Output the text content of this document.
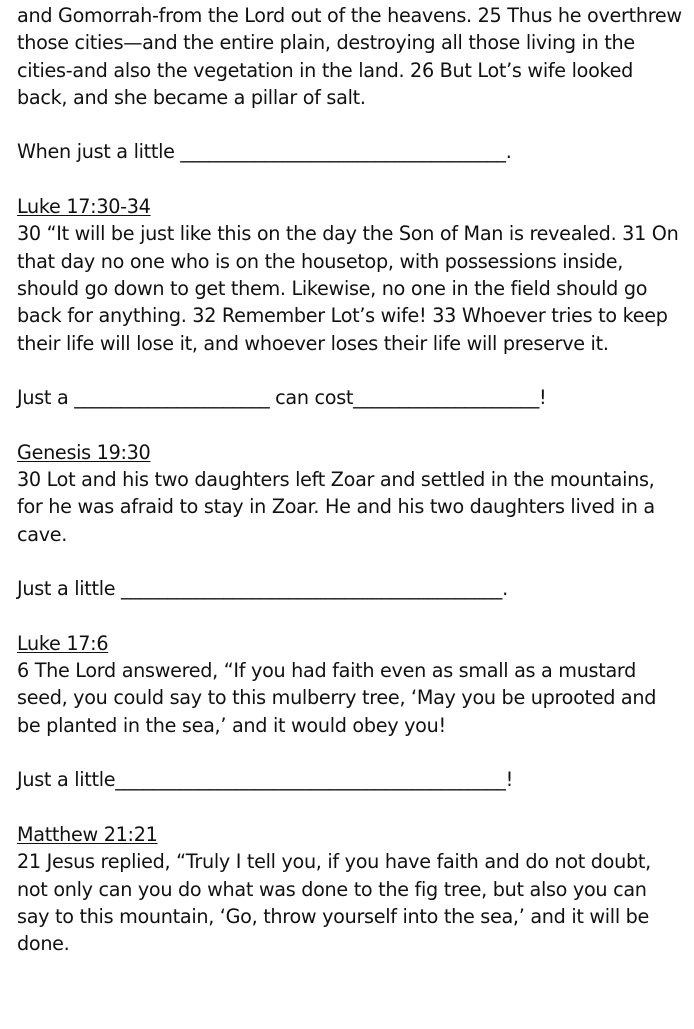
and Gomorrah-from the Lord out of the heavens. 25 Thus he overthrew those cities—and the entire plain, destroying all those living in the cities-and also the vegetation in the land. 26 But Lot’s wife looked back, and she became a pillar of salt.

When just a little ___________________________________.

Luke 17:30-34

30 “It will be just like this on the day the Son of Man is revealed. 31 On that day no one who is on the housetop, with possessions inside, should go down to get them. Likewise, no one in the field should go back for anything. 32 Remember Lot’s wife! 33 Whoever tries to keep their life will lose it, and whoever loses their life will preserve it.

Just a _____________________ can cost____________________!

Genesis 19:30

30 Lot and his two daughters left Zoar and settled in the mountains, for he was afraid to stay in Zoar. He and his two daughters lived in a cave.

Just a little _________________________________________.

Luke 17:6

6 The Lord answered, “If you had faith even as small as a mustard seed, you could say to this mulberry tree, ‘May you be uprooted and be planted in the sea,’ and it would obey you!

Just a little__________________________________________!

Matthew 21:21

21 Jesus replied, “Truly I tell you, if you have faith and do not doubt, not only can you do what was done to the fig tree, but also you can say to this mountain, ‘Go, throw yourself into the sea,’ and it will be done.
